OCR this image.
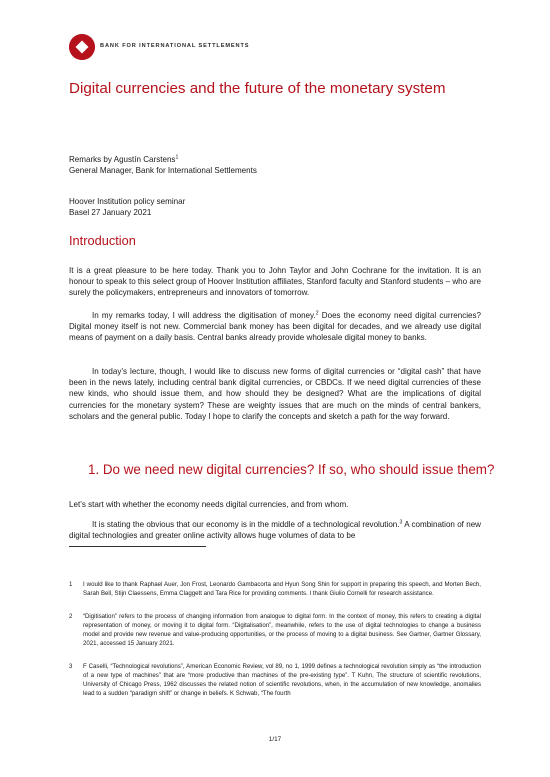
BANK FOR INTERNATIONAL SETTLEMENTS
Digital currencies and the future of the monetary system

Remarks by Agustín Carstens$^1$

General Manager, Bank for International Settlements

Hoover Institution policy seminar

Basel 27 January 2021

Introduction

It is a great pleasure to be here today. Thank you to John Taylor and John Cochrane for the invitation. It is an honour to speak to this select group of Hoover Institution affiliates, Stanford faculty and Stanford students – who are surely the policymakers, entrepreneurs and innovators of tomorrow.

In my remarks today, I will address the digitisation of money.$^2$ Does the economy need digital currencies? Digital money itself is not new. Commercial bank money has been digital for decades, and we already use digital means of payment on a daily basis. Central banks already provide wholesale digital money to banks.

In today’s lecture, though, I would like to discuss new forms of digital currencies or “digital cash” that have been in the news lately, including central bank digital currencies, or CBDCs. If we need digital currencies of these new kinds, who should issue them, and how should they be designed? What are the implications of digital currencies for the monetary system? These are weighty issues that are much on the minds of central bankers, scholars and the general public. Today I hope to clarify the concepts and sketch a path for the way forward.

1. Do we need new digital currencies? If so, who should issue them?

Let’s start with whether the economy needs digital currencies, and from whom.

It is stating the obvious that our economy is in the middle of a technological revolution.$^3$ A combination of new digital technologies and greater online activity allows huge volumes of data to be

1 I would like to thank Raphael Auer, Jon Frost, Leonardo Gambacorta and Hyun Song Shin for support in preparing this speech, and Morten Bech, Sarah Bell, Stijn Claessens, Emma Claggett and Tara Rice for providing comments. I thank Giulio Cornelli for research assistance.
2 “Digitisation” refers to the process of changing information from analogue to digital form. In the context of money, this refers to creating a digital representation of money, or moving it to digital form. “Digitalisation”, meanwhile, refers to the use of digital technologies to change a business model and provide new revenue and value-producing opportunities, or the process of moving to a digital business. See Gartner, Gartner Glossary, 2021, accessed 15 January 2021.
3 F Caselli, “Technological revolutions”, American Economic Review, vol 89, no 1, 1999 defines a technological revolution simply as “the introduction of a new type of machines” that are “more productive than machines of the pre-existing type”. T Kuhn, The structure of scientific revolutions, University of Chicago Press, 1962 discusses the related notion of scientific revolutions, when, in the accumulation of new knowledge, anomalies lead to a sudden “paradigm shift” or change in beliefs. K Schwab, “The fourth
1/17
